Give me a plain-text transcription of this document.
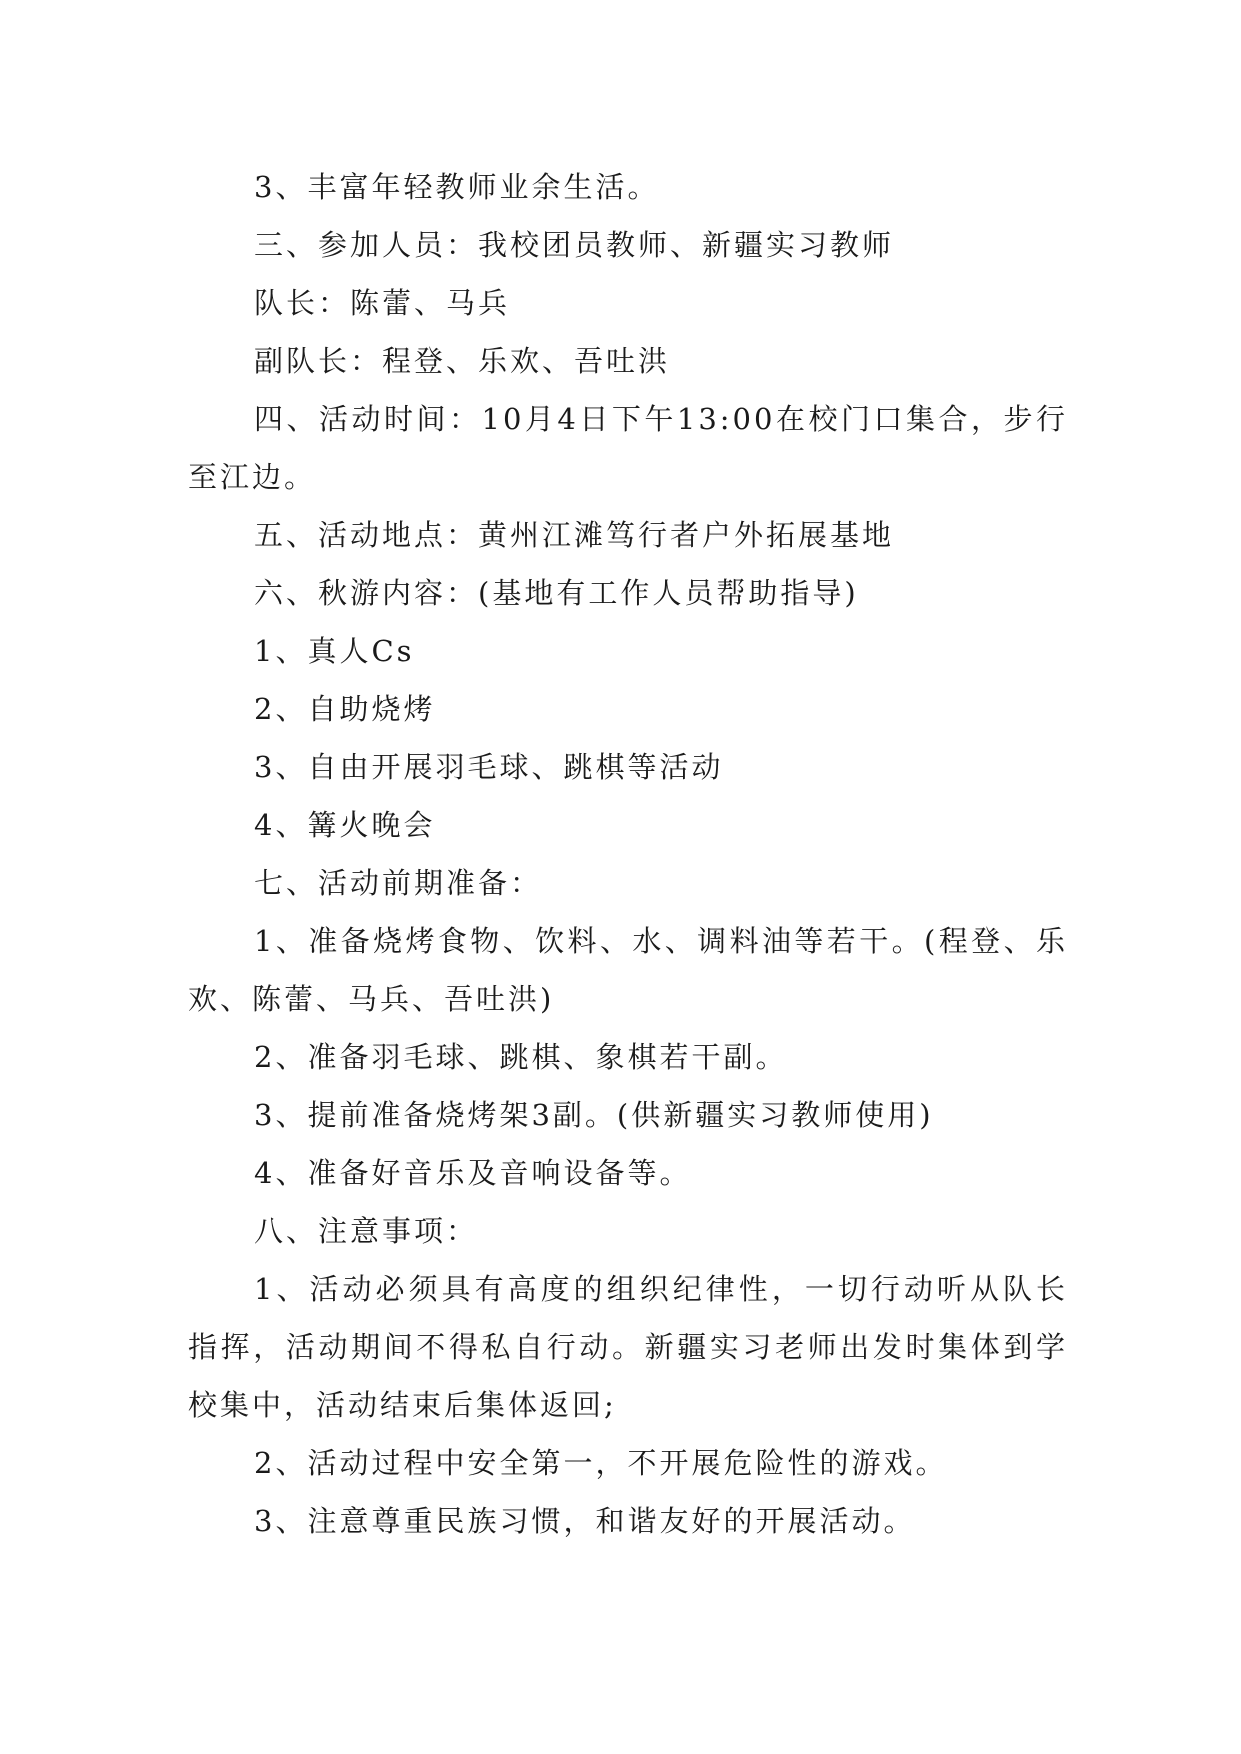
3、丰富年轻教师业余生活。

三、参加人员：我校团员教师、新疆实习教师

队长：陈蕾、马兵

副队长：程登、乐欢、吾吐洪

四、活动时间：10月4日下午13:00在校门口集合，步行至江边。

五、活动地点：黄州江滩笃行者户外拓展基地

六、秋游内容：(基地有工作人员帮助指导)

1、真人Cs

2、自助烧烤

3、自由开展羽毛球、跳棋等活动

4、篝火晚会

七、活动前期准备：

1、准备烧烤食物、饮料、水、调料油等若干。(程登、乐欢、陈蕾、马兵、吾吐洪)

2、准备羽毛球、跳棋、象棋若干副。

3、提前准备烧烤架3副。(供新疆实习教师使用)

4、准备好音乐及音响设备等。

八、注意事项：

1、活动必须具有高度的组织纪律性，一切行动听从队长指挥，活动期间不得私自行动。新疆实习老师出发时集体到学校集中，活动结束后集体返回;

2、活动过程中安全第一，不开展危险性的游戏。

3、注意尊重民族习惯，和谐友好的开展活动。
